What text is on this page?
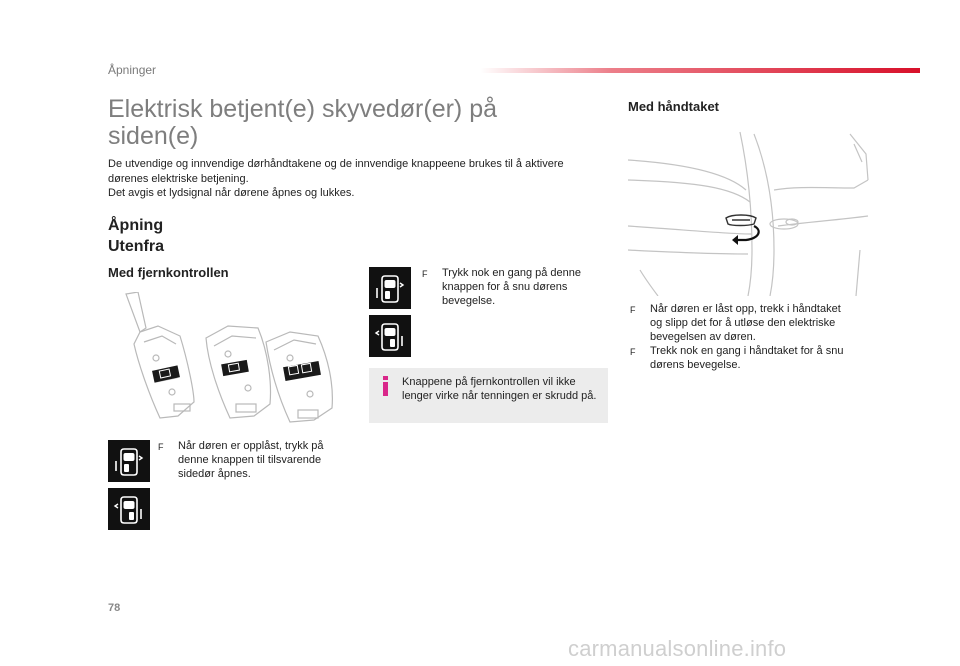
Åpninger
Elektrisk betjent(e) skyvedør(er) på siden(e)
De utvendige og innvendige dørhåndtakene og de innvendige knappeene brukes til å aktivere
dørenes elektriske betjening.
Det avgis et lydsignal når dørene åpnes og lukkes.
Åpning
Utenfra
Med fjernkontrollen
F	Når døren er opplåst, trykk på
denne knappen til tilsvarende
sidedør åpnes.
F	Trykk nok en gang på denne
knappen for å snu dørens
bevegelse.
Knappene på fjernkontrollen vil ikke
lenger virke når tenningen er skrudd på.
Med håndtaket
F	Når døren er låst opp, trekk i håndtaket
og slipp det for å utløse den elektriske
bevegelsen av døren.
F	Trekk nok en gang i håndtaket for å snu
dørens bevegelse.
78
carmanualsonline.info
